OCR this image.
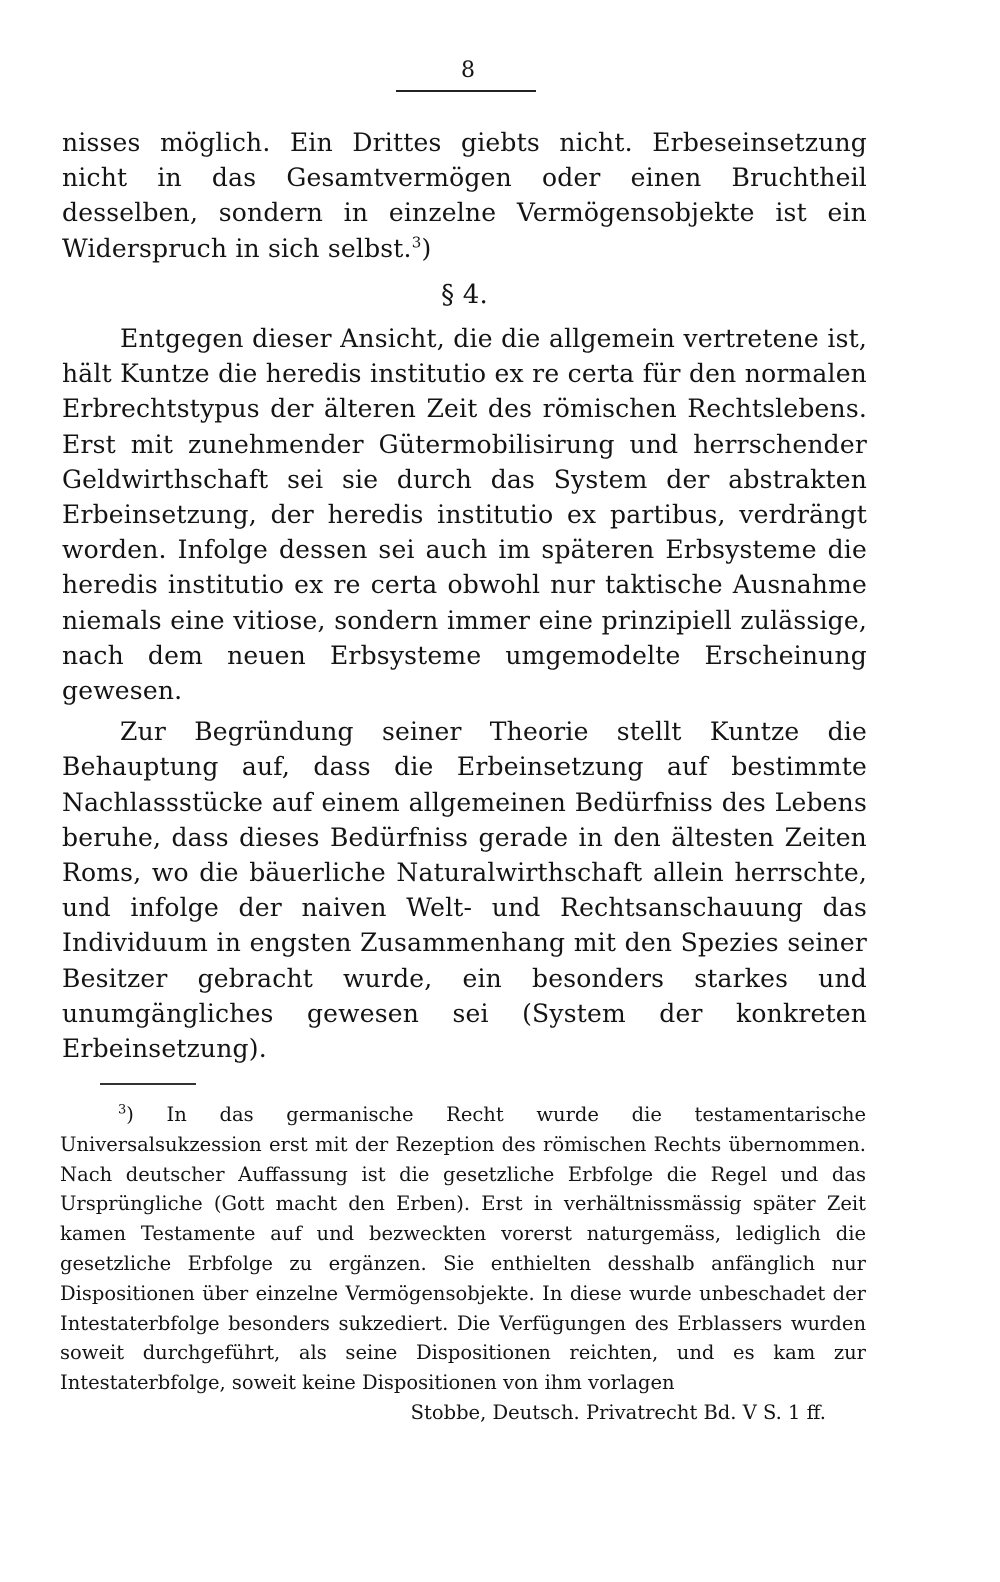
8

nisses möglich. Ein Drittes giebts nicht. Erbeseinsetzung nicht in das Gesamtvermögen oder einen Bruchtheil desselben, sondern in einzelne Vermögensobjekte ist ein Widerspruch in sich selbst.$^3$)

§ 4.

Entgegen dieser Ansicht, die die allgemein vertretene ist, hält Kuntze die heredis institutio ex re certa für den normalen Erbrechtstypus der älteren Zeit des römischen Rechtslebens. Erst mit zunehmender Gütermobilisirung und herrschender Geldwirthschaft sei sie durch das System der abstrakten Erbeinsetzung, der heredis institutio ex partibus, verdrängt worden. Infolge dessen sei auch im späteren Erbsysteme die heredis institutio ex re certa obwohl nur taktische Ausnahme niemals eine vitiose, sondern immer eine prinzipiell zulässige, nach dem neuen Erbsysteme umgemodelte Erscheinung gewesen.

Zur Begründung seiner Theorie stellt Kuntze die Behauptung auf, dass die Erbeinsetzung auf bestimmte Nachlassstücke auf einem allgemeinen Bedürfniss des Lebens beruhe, dass dieses Bedürfniss gerade in den ältesten Zeiten Roms, wo die bäuerliche Naturalwirthschaft allein herrschte, und infolge der naiven Welt- und Rechtsanschauung das Individuum in engsten Zusammenhang mit den Spezies seiner Besitzer gebracht wurde, ein besonders starkes und unumgängliches gewesen sei (System der konkreten Erbeinsetzung).

$^3$) In das germanische Recht wurde die testamentarische Universalsukzession erst mit der Rezeption des römischen Rechts übernommen. Nach deutscher Auffassung ist die gesetzliche Erbfolge die Regel und das Ursprüngliche (Gott macht den Erben). Erst in verhältnissmässig später Zeit kamen Testamente auf und bezweckten vorerst naturgemäss, lediglich die gesetzliche Erbfolge zu ergänzen. Sie enthielten desshalb anfänglich nur Dispositionen über einzelne Vermögensobjekte. In diese wurde unbeschadet der Intestaterbfolge besonders sukzediert. Die Verfügungen des Erblassers wurden soweit durchgeführt, als seine Dispositionen reichten, und es kam zur Intestaterbfolge, soweit keine Dispositionen von ihm vorlagen

Stobbe, Deutsch. Privatrecht Bd. V S. 1 ff.
